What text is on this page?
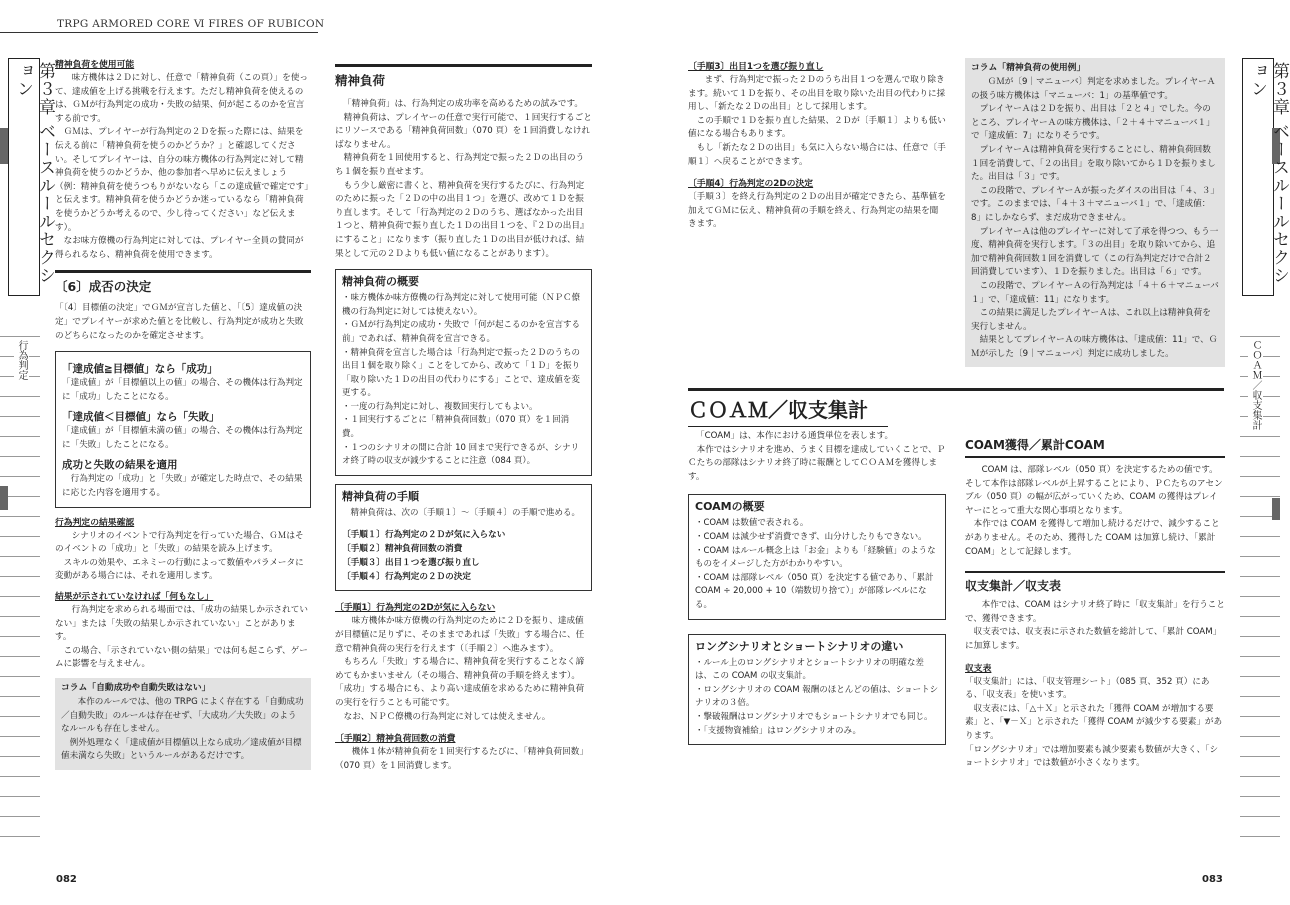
TRPG ARMORED CORE Ⅵ FIRES OF RUBICON
第３章 ベースルールセクション
行為判定
第３章 ベースルールセクション
ＣＯＡＭ／収支集計
精神負荷を使用可能

　味方機体は２Ｄに対し、任意で「精神負荷（この頁）」を使って、達成値を上げる挑戦を行えます。ただし精神負荷を使えるのは、ＧＭが行為判定の成功・失敗の結果、何が起こるのかを宣言する前です。
　ＧＭは、プレイヤーが行為判定の２Ｄを振った際には、結果を伝える前に「精神負荷を使うのかどうか？」と確認してください。そしてプレイヤーは、自分の味方機体の行為判定に対して精神負荷を使うのかどうか、他の参加者へ早めに伝えましょう（例：精神負荷を使うつもりがないなら「この達成値で確定です」と伝えます。精神負荷を使うかどうか迷っているなら「精神負荷を使うかどうか考えるので、少し待ってください」など伝えます）。
　なお味方僚機の行為判定に対しては、プレイヤー全員の賛同が得られるなら、精神負荷を使用できます。

〔6〕成否の決定

「〔4〕目標値の決定」でＧＭが宣言した値と、「〔5〕達成値の決定」でプレイヤーが求めた値とを比較し、行為判定が成功と失敗のどちらになったのかを確定させます。

「達成値≧目標値」なら「成功」

「達成値」が「目標値以上の値」の場合、その機体は行為判定に「成功」したことになる。

「達成値＜目標値」なら「失敗」

「達成値」が「目標値未満の値」の場合、その機体は行為判定に「失敗」したことになる。

成功と失敗の結果を適用

　行為判定の「成功」と「失敗」が確定した時点で、その結果に応じた内容を適用する。

行為判定の結果確認

　シナリオのイベントで行為判定を行っていた場合、ＧＭはそのイベントの「成功」と「失敗」の結果を読み上げます。
　スキルの効果や、エネミーの行動によって数値やパラメータに変動がある場合には、それを適用します。

結果が示されていなければ「何もなし」

　行為判定を求められる場面では、「成功の結果しか示されていない」または「失敗の結果しか示されていない」ことがあります。
　この場合、「示されていない側の結果」では何も起こらず、ゲームに影響を与えません。

コラム「自動成功や自動失敗はない」

　本作のルールでは、他の TRPG によく存在する「自動成功／自動失敗」のルールは存在せず、「大成功／大失敗」のようなルールも存在しません。
　例外処理なく「達成値が目標値以上なら成功／達成値が目標値未満なら失敗」というルールがあるだけです。

精神負荷

「精神負荷」は、行為判定の成功率を高めるための試みです。
　精神負荷は、プレイヤーの任意で実行可能で、１回実行するごとにリソースである「精神負荷回数」（070 頁）を１回消費しなければなりません。
　精神負荷を１回使用すると、行為判定で振った２Ｄの出目のうち１個を振り直せます。
　もう少し厳密に書くと、精神負荷を実行するたびに、行為判定のために振った「２Ｄの中の出目１つ」を選び、改めて１Ｄを振り直します。そして「行為判定の２Ｄのうち、選ばなかった出目１つと、精神負荷で振り直した１Ｄの出目１つを、『２Ｄの出目』にすること」になります（振り直した１Ｄの出目が低ければ、結果として元の２Ｄよりも低い値になることがあります）。

精神負荷の概要

・味方機体か味方僚機の行為判定に対して使用可能（ＮＰＣ僚機の行為判定に対しては使えない）。

・ＧＭが行為判定の成功・失敗で「何が起こるのかを宣言する前」であれば、精神負荷を宣言できる。

・精神負荷を宣言した場合は「行為判定で振った２Ｄのうちの出目１個を取り除く」ことをしてから、改めて「１Ｄ」を振り「取り除いた１Ｄの出目の代わりにする」ことで、達成値を変更する。

・一度の行為判定に対し、複数回実行してもよい。

・１回実行するごとに「精神負荷回数」（070 頁）を１回消費。

・１つのシナリオの間に合計 10 回まで実行できるが、シナリオ終了時の収支が減少することに注意（084 頁）。

精神負荷の手順

　精神負荷は、次の〔手順１〕～〔手順４〕の手順で進める。

〔手順１〕行為判定の２Ｄが気に入らない
〔手順２〕精神負荷回数の消費
〔手順３〕出目１つを選び振り直し
〔手順４〕行為判定の２Ｄの決定
〔手順1〕行為判定の2Dが気に入らない

　味方機体か味方僚機の行為判定のために２Ｄを振り、達成値が目標値に足りずに、そのままであれば「失敗」する場合に、任意で精神負荷の実行を行えます（〔手順２〕へ進みます）。
　もちろん「失敗」する場合に、精神負荷を実行することなく諦めてもかまいません（その場合、精神負荷の手順を終えます）。「成功」する場合にも、より高い達成値を求めるために精神負荷の実行を行うことも可能です。
　なお、ＮＰＣ僚機の行為判定に対しては使えません。

〔手順2〕精神負荷回数の消費

　機体１体が精神負荷を１回実行するたびに、「精神負荷回数」（070 頁）を１回消費します。

〔手順3〕出目1つを選び振り直し

　まず、行為判定で振った２Ｄのうち出目１つを選んで取り除きます。続いて１Ｄを振り、その出目を取り除いた出目の代わりに採用し、「新たな２Ｄの出目」として採用します。
　この手順で１Ｄを振り直した結果、２Ｄが〔手順１〕よりも低い値になる場合もあります。
　もし「新たな２Ｄの出目」も気に入らない場合には、任意で〔手順１〕へ戻ることができます。

〔手順4〕行為判定の2Dの決定

〔手順３〕を終え行為判定の２Ｄの出目が確定できたら、基準値を加えてＧＭに伝え、精神負荷の手順を終え、行為判定の結果を聞きます。

ＣＯＡＭ／収支集計

「COAM」は、本作における通貨単位を表します。
　本作ではシナリオを進め、うまく目標を達成していくことで、ＰＣたちの部隊はシナリオ終了時に報酬としてＣＯＡＭを獲得します。

COAMの概要

・COAM は数値で表される。

・COAM は減少せず消費できず、山分けしたりもできない。

・COAM はルール概念上は「お金」よりも「経験値」のようなものをイメージした方がわかりやすい。

・COAM は部隊レベル（050 頁）を決定する値であり、「累計 COAM ÷ 20,000 + 10（端数切り捨て）」が部隊レベルになる。

ロングシナリオとショートシナリオの違い

・ルール上のロングシナリオとショートシナリオの明確な差は、この COAM の収支集計。

・ロングシナリオの COAM 報酬のほとんどの値は、ショートシナリオの３倍。

・撃破報酬はロングシナリオでもショートシナリオでも同じ。

・「支援物資補給」はロングシナリオのみ。

コラム「精神負荷の使用例」

　ＧＭが〔9｜マニューバ〕判定を求めました。プレイヤーＡの扱う味方機体は「マニューバ：1」の基準値です。
　プレイヤーＡは２Ｄを振り、出目は「２と４」でした。今のところ、プレイヤーＡの味方機体は、「２＋４＋マニューバ１」で「達成値：7」になりそうです。
　プレイヤーＡは精神負荷を実行することにし、精神負荷回数１回を消費して、「２の出目」を取り除いてから１Ｄを振りました。出目は「３」です。
　この段階で、プレイヤーＡが振ったダイスの出目は「４、３」です。このままでは、「４＋３＋マニューバ１」で、「達成値：8」にしかならず、まだ成功できません。
　プレイヤーＡは他のプレイヤーに対して了承を得つつ、もう一度、精神負荷を実行します。「３の出目」を取り除いてから、追加で精神負荷回数１回を消費して（この行為判定だけで合計２回消費しています）、１Ｄを振りました。出目は「６」です。
　この段階で、プレイヤーＡの行為判定は「４＋６＋マニューバ１」で、「達成値：11」になります。
　この結果に満足したプレイヤーＡは、これ以上は精神負荷を実行しません。
　結果としてプレイヤーＡの味方機体は、「達成値：11」で、ＧＭが示した〔9｜マニューバ〕判定に成功しました。

COAM獲得／累計COAM

　COAM は、部隊レベル（050 頁）を決定するための値です。そして本作は部隊レベルが上昇することにより、ＰＣたちのアセンブル（050 頁）の幅が広がっていくため、COAM の獲得はプレイヤーにとって重大な関心事項となります。
　本作では COAM を獲得して増加し続けるだけで、減少することがありません。そのため、獲得した COAM は加算し続け、「累計 COAM」として記録します。

収支集計／収支表

　本作では、COAM はシナリオ終了時に「収支集計」を行うことで、獲得できます。
　収支表では、収支表に示された数値を総計して、「累計 COAM」に加算します。

収支表

「収支集計」には、「収支管理シート」（085 頁、352 頁）にある、「収支表」を使います。
　収支表には、「△＋Ｘ」と示された「獲得 COAM が増加する要素」と、「▼－Ｘ」と示された「獲得 COAM が減少する要素」があります。
「ロングシナリオ」では増加要素も減少要素も数値が大きく、「ショートシナリオ」では数値が小さくなります。

082	083
